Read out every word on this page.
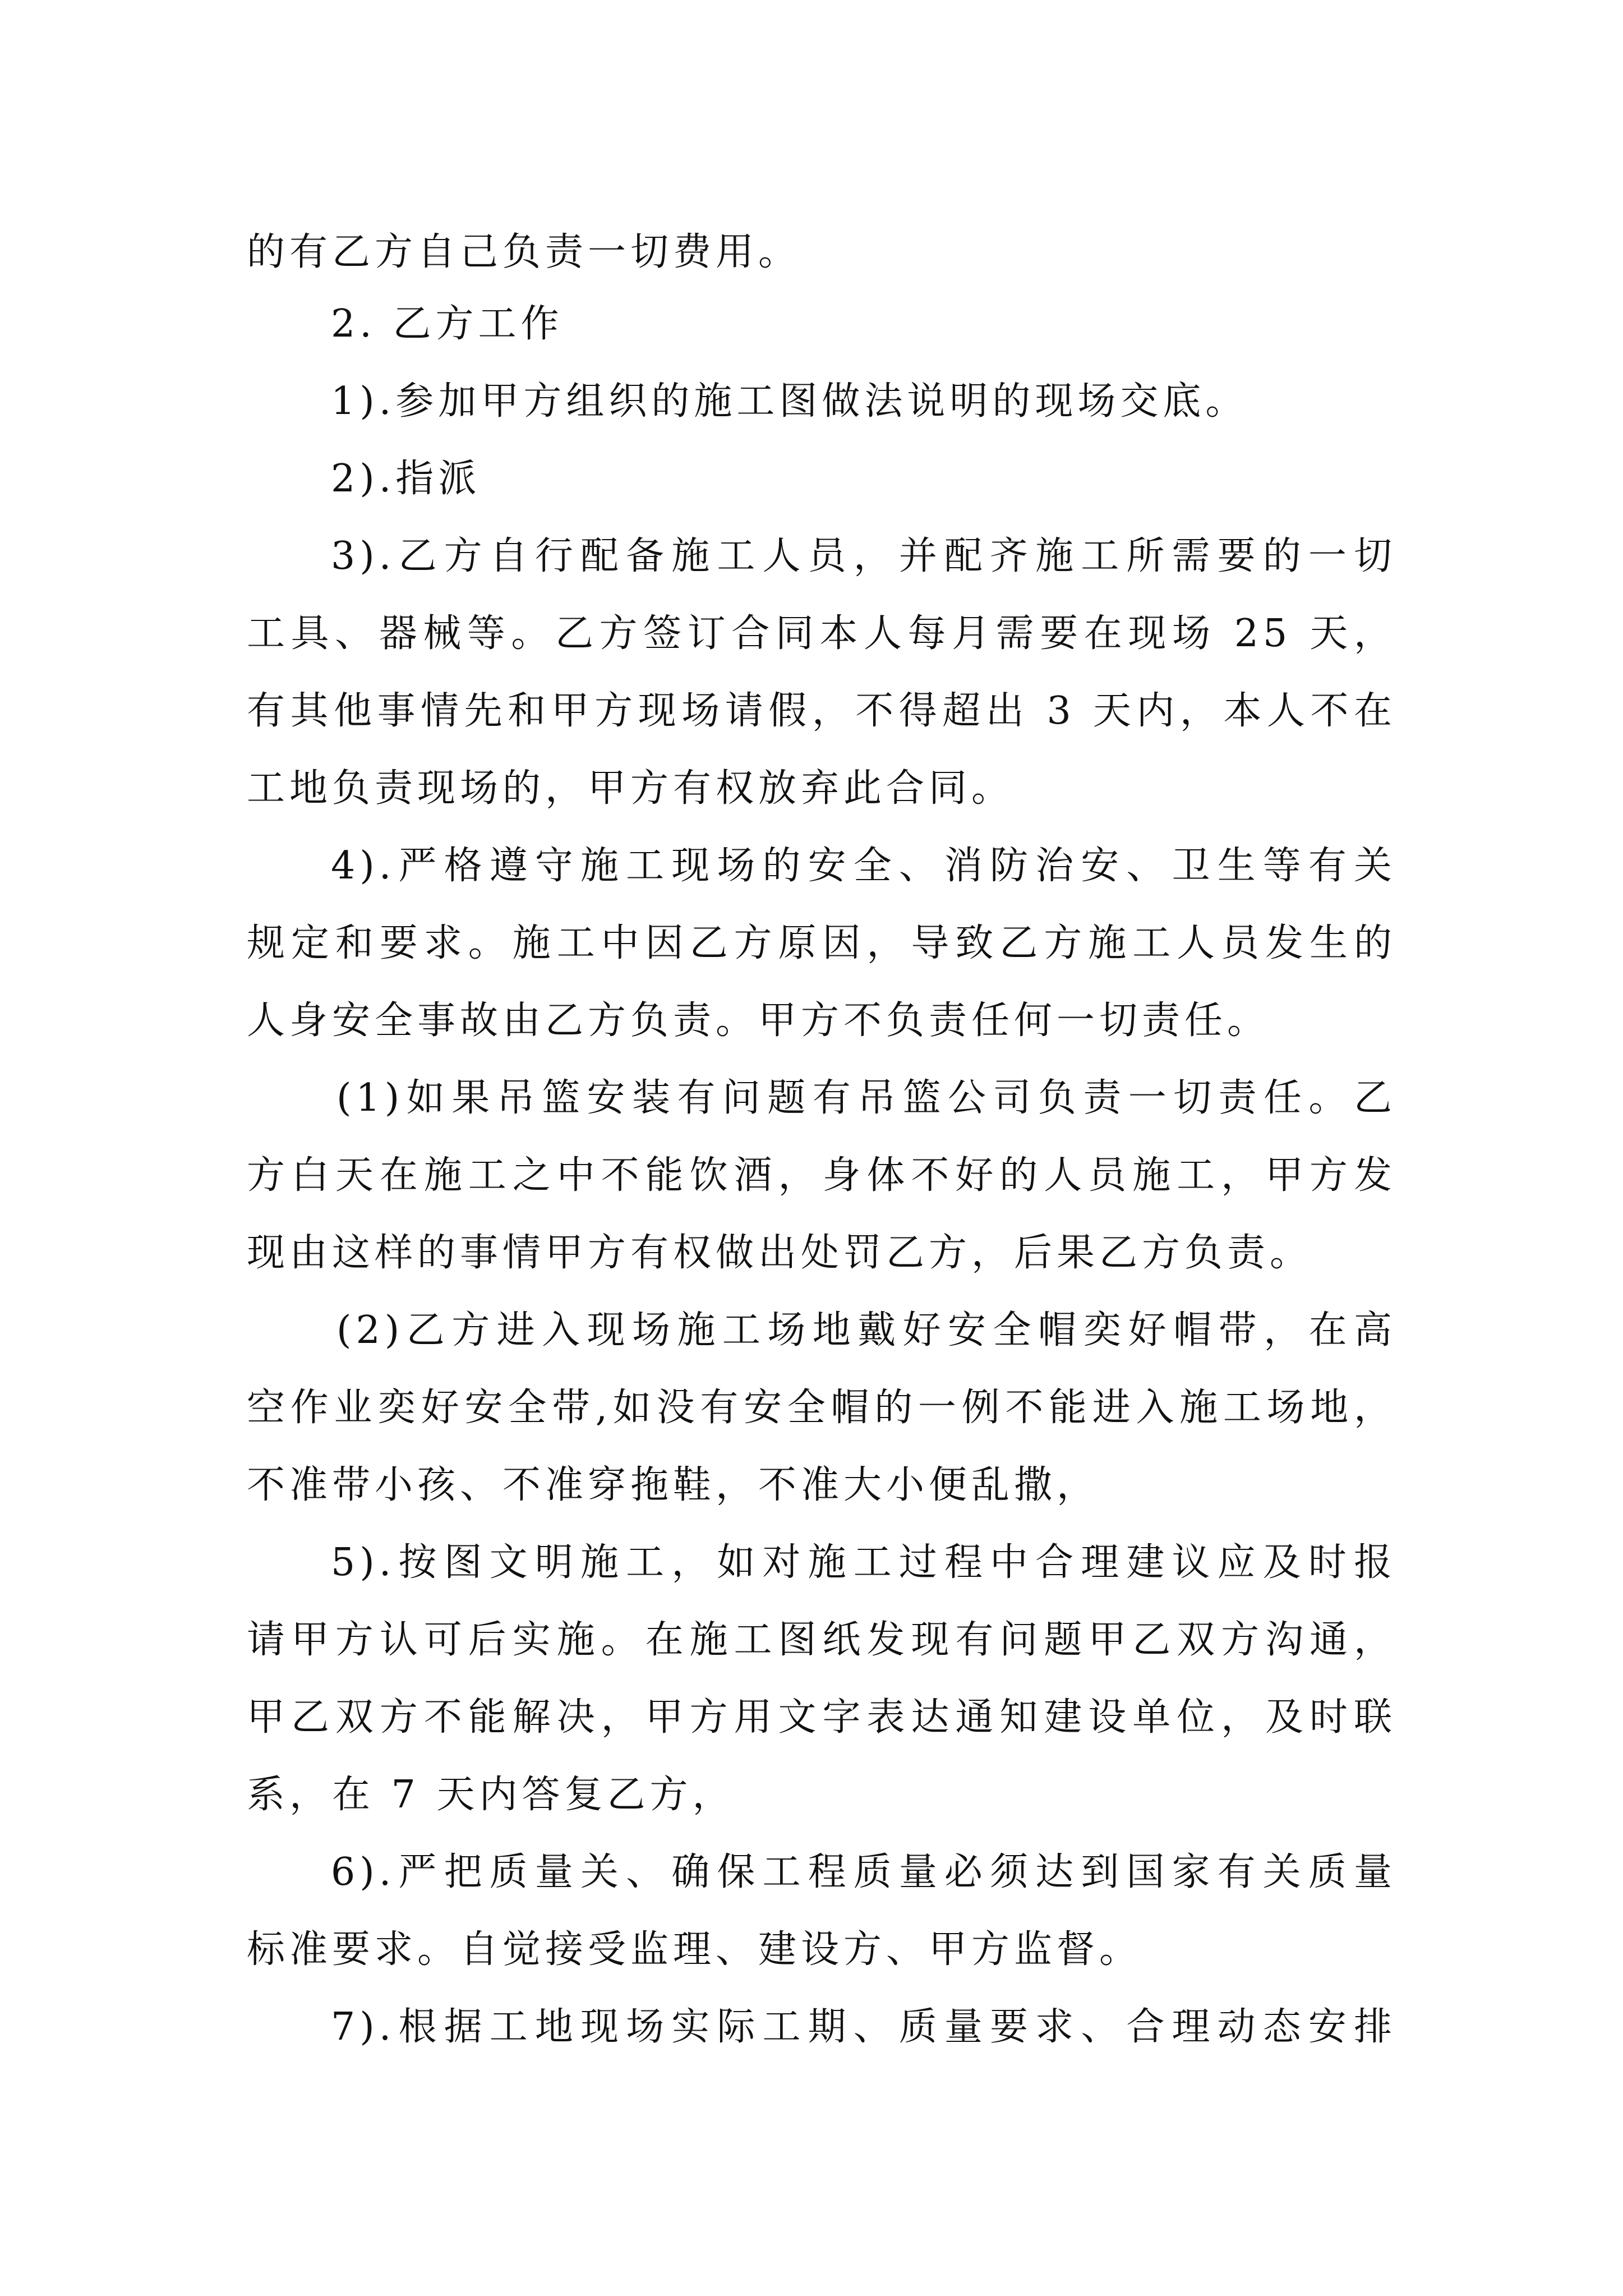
的有乙方自己负责一切费用。
2. 乙方工作
1).参加甲方组织的施工图做法说明的现场交底。
2).指派
3).乙方自行配备施工人员，并配齐施工所需要的一切
工具、器械等。乙方签订合同本人每月需要在现场 25 天，
有其他事情先和甲方现场请假，不得超出 3 天内，本人不在
工地负责现场的，甲方有权放弃此合同。
4).严格遵守施工现场的安全、消防治安、卫生等有关
规定和要求。施工中因乙方原因，导致乙方施工人员发生的
人身安全事故由乙方负责。甲方不负责任何一切责任。
(1)如果吊篮安装有问题有吊篮公司负责一切责任。乙
方白天在施工之中不能饮酒，身体不好的人员施工，甲方发
现由这样的事情甲方有权做出处罚乙方，后果乙方负责。
(2)乙方进入现场施工场地戴好安全帽奕好帽带，在高
空作业奕好安全带,如没有安全帽的一例不能进入施工场地，
不准带小孩、不准穿拖鞋，不准大小便乱撒，
5).按图文明施工，如对施工过程中合理建议应及时报
请甲方认可后实施。在施工图纸发现有问题甲乙双方沟通，
甲乙双方不能解决，甲方用文字表达通知建设单位，及时联
系，在 7 天内答复乙方，
6).严把质量关、确保工程质量必须达到国家有关质量
标准要求。自觉接受监理、建设方、甲方监督。
7).根据工地现场实际工期、质量要求、合理动态安排
